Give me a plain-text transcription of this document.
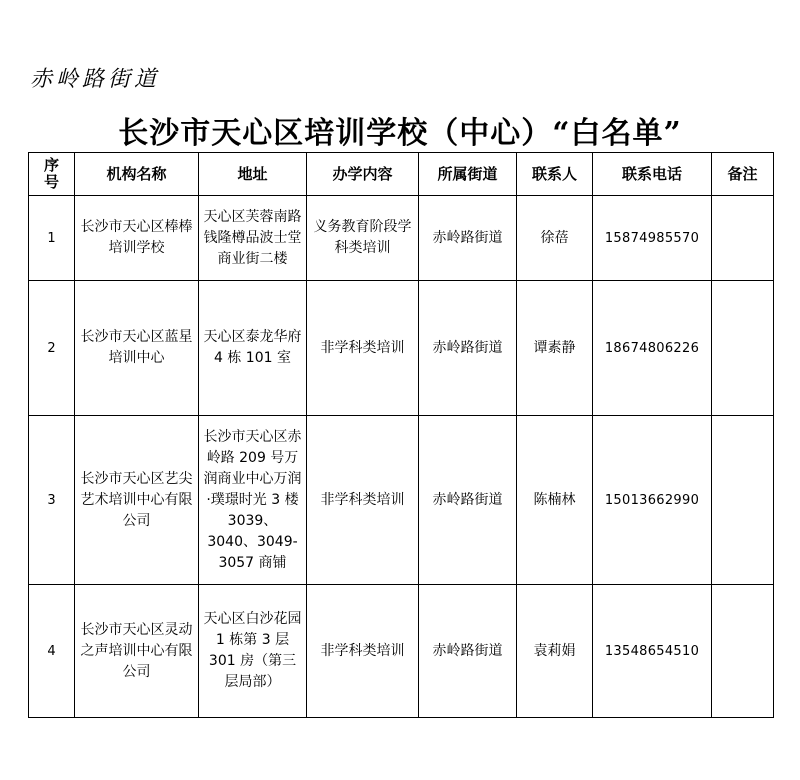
赤岭路街道
长沙市天心区培训学校（中心）“白名单”
序号	机构名称	地址	办学内容	所属街道	联系人	联系电话	备注
1	长沙市天心区棒棒培训学校	天心区芙蓉南路钱隆樽品波士堂商业街二楼	义务教育阶段学科类培训	赤岭路街道	徐蓓	15874985570	
2	长沙市天心区蓝星培训中心	天心区泰龙华府 4 栋 101 室	非学科类培训	赤岭路街道	谭素静	18674806226	
3	长沙市天心区艺尖艺术培训中心有限公司	长沙市天心区赤岭路 209 号万润商业中心万润·璞璟时光 3 楼 3039、3040、3049-3057 商铺	非学科类培训	赤岭路街道	陈楠林	15013662990	
4	长沙市天心区灵动之声培训中心有限公司	天心区白沙花园 1 栋第 3 层 301 房（第三层局部）	非学科类培训	赤岭路街道	袁莉娟	13548654510	
